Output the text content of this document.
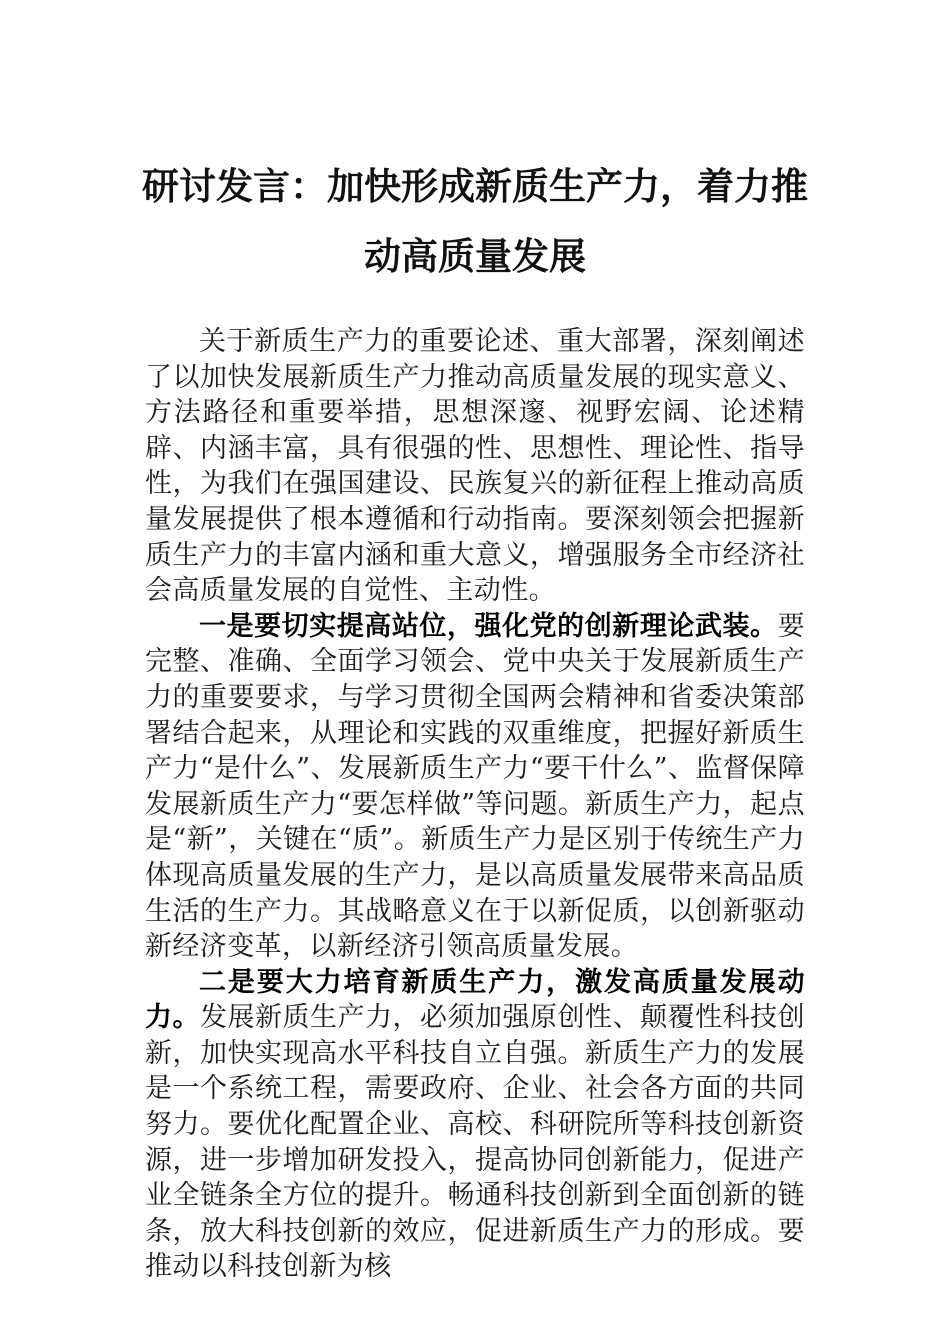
研讨发言：加快形成新质生产力，着力推
动高质量发展

关于新质生产力的重要论述、重大部署，深刻阐述了以加快发展新质生产力推动高质量发展的现实意义、方法路径和重要举措，思想深邃、视野宏阔、论述精辟、内涵丰富，具有很强的性、思想性、理论性、指导性，为我们在强国建设、民族复兴的新征程上推动高质量发展提供了根本遵循和行动指南。要深刻领会把握新质生产力的丰富内涵和重大意义，增强服务全市经济社会高质量发展的自觉性、主动性。

一是要切实提高站位，强化党的创新理论武装。要完整、准确、全面学习领会、党中央关于发展新质生产力的重要要求，与学习贯彻全国两会精神和省委决策部署结合起来，从理论和实践的双重维度，把握好新质生产力“是什么”、发展新质生产力“要干什么”、监督保障发展新质生产力“要怎样做”等问题。新质生产力，起点是“新”，关键在“质”。新质生产力是区别于传统生产力体现高质量发展的生产力，是以高质量发展带来高品质生活的生产力。其战略意义在于以新促质，以创新驱动新经济变革，以新经济引领高质量发展。

二是要大力培育新质生产力，激发高质量发展动力。发展新质生产力，必须加强原创性、颠覆性科技创新，加快实现高水平科技自立自强。新质生产力的发展是一个系统工程，需要政府、企业、社会各方面的共同努力。要优化配置企业、高校、科研院所等科技创新资源，进一步增加研发投入，提高协同创新能力，促进产业全链条全方位的提升。畅通科技创新到全面创新的链条，放大科技创新的效应，促进新质生产力的形成。要推动以科技创新为核
